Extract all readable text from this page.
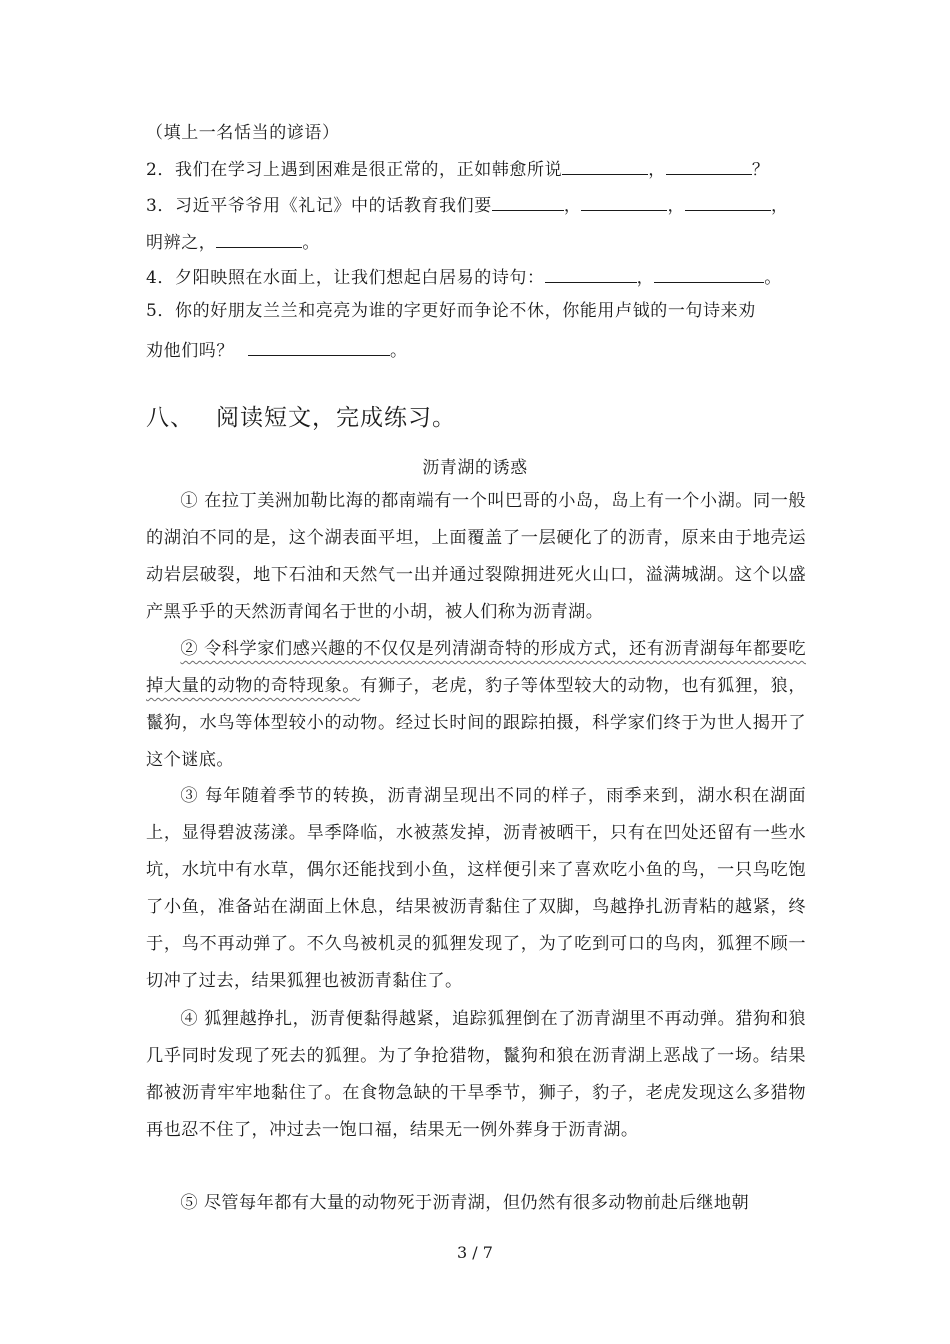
（填上一名恬当的谚语）
2．我们在学习上遇到困难是很正常的，正如韩愈所说	，	？
3．习近平爷爷用《礼记》中的话教育我们要	，	，	，
明辨之，	。
4．夕阳映照在水面上，让我们想起白居易的诗句：	，	。
5．你的好朋友兰兰和亮亮为谁的字更好而争论不休，你能用卢钺的一句诗来劝
劝他们吗？	。
八、 阅读短文，完成练习。
沥青湖的诱惑

① 在拉丁美洲加勒比海的都南端有一个叫巴哥的小岛，岛上有一个小湖。同一般的湖泊不同的是，这个湖表面平坦，上面覆盖了一层硬化了的沥青，原来由于地壳运动岩层破裂，地下石油和天然气一出并通过裂隙拥进死火山口，溢满城湖。这个以盛产黑乎乎的天然沥青闻名于世的小胡，被人们称为沥青湖。

② 令科学家们感兴趣的不仅仅是列清湖奇特的形成方式，还有沥青湖每年都要吃掉大量的动物的奇特现象。有狮子，老虎，豹子等体型较大的动物，也有狐狸，狼，鬣狗，水鸟等体型较小的动物。经过长时间的跟踪拍摄，科学家们终于为世人揭开了这个谜底。

③ 每年随着季节的转换，沥青湖呈现出不同的样子，雨季来到，湖水积在湖面上，显得碧波荡漾。旱季降临，水被蒸发掉，沥青被晒干，只有在凹处还留有一些水坑，水坑中有水草，偶尔还能找到小鱼，这样便引来了喜欢吃小鱼的鸟，一只鸟吃饱了小鱼，准备站在湖面上休息，结果被沥青黏住了双脚，鸟越挣扎沥青粘的越紧，终于，鸟不再动弹了。不久鸟被机灵的狐狸发现了，为了吃到可口的鸟肉，狐狸不顾一切冲了过去，结果狐狸也被沥青黏住了。

④ 狐狸越挣扎，沥青便黏得越紧，追踪狐狸倒在了沥青湖里不再动弹。猎狗和狼几乎同时发现了死去的狐狸。为了争抢猎物，鬣狗和狼在沥青湖上恶战了一场。结果都被沥青牢牢地黏住了。在食物急缺的干旱季节，狮子，豹子，老虎发现这么多猎物再也忍不住了，冲过去一饱口福，结果无一例外葬身于沥青湖。

⑤ 尽管每年都有大量的动物死于沥青湖，但仍然有很多动物前赴后继地朝

3 / 7
